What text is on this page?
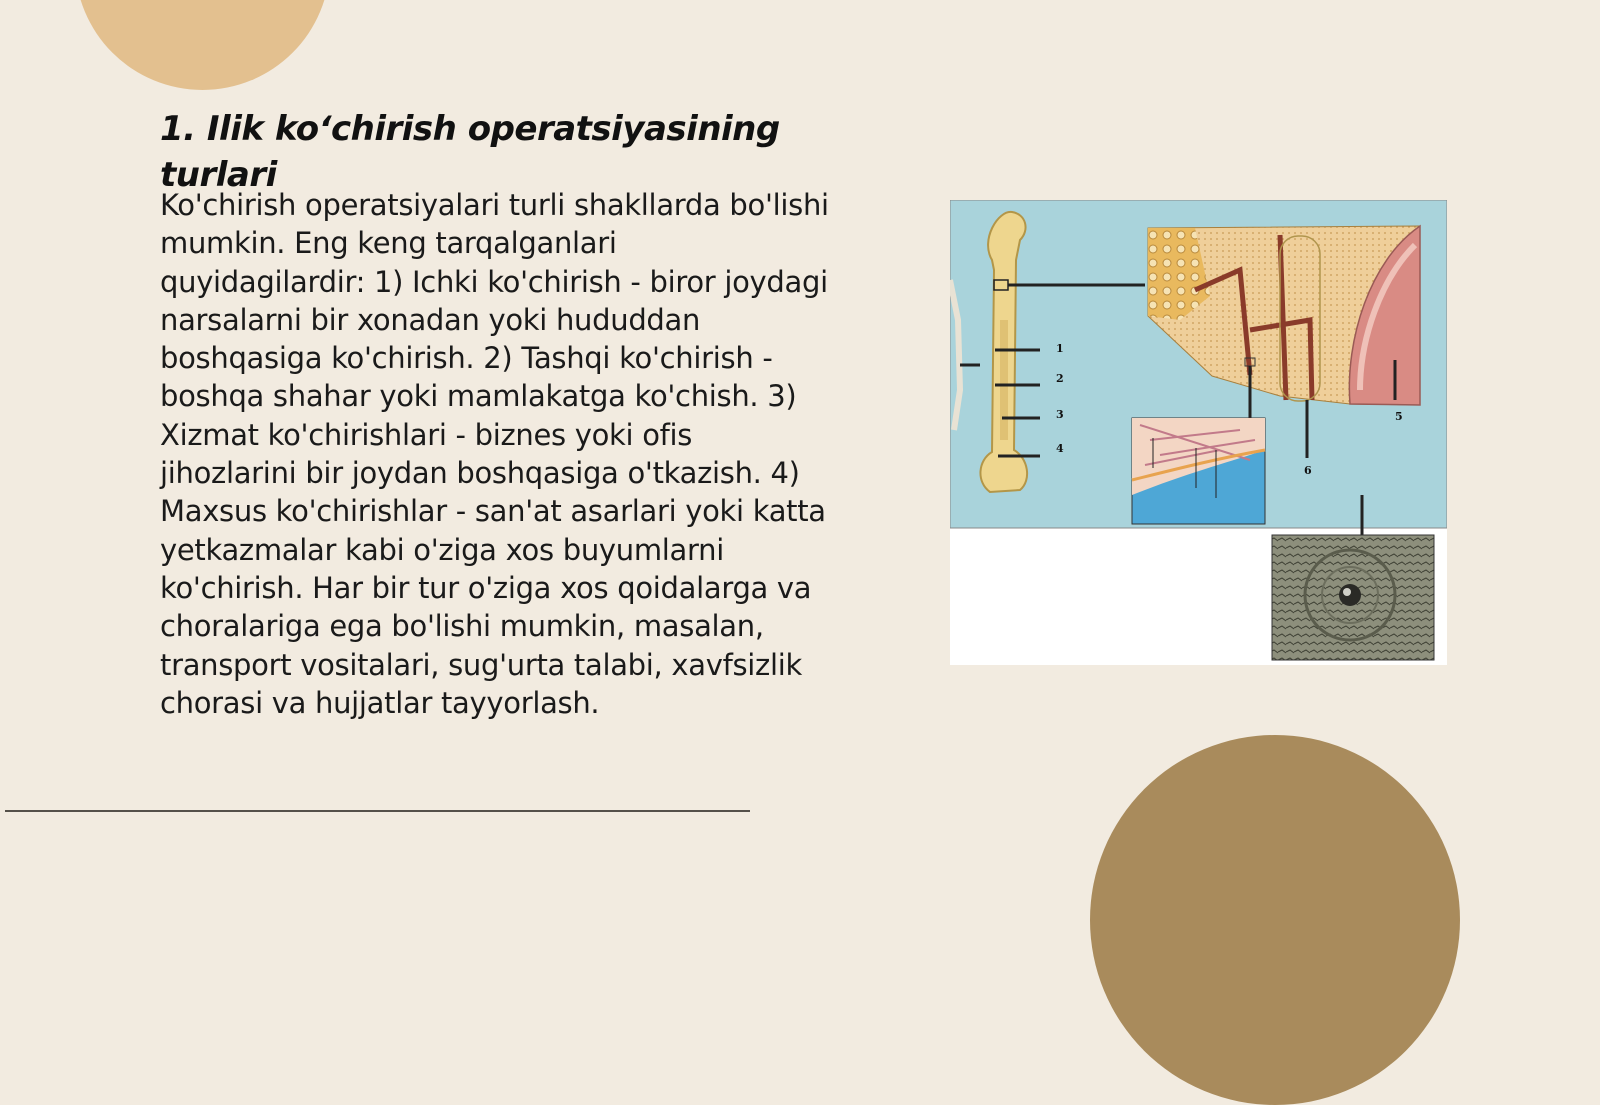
1. Ilik ko‘chirish operatsiyasining turlari

Ko'chirish operatsiyalari turli shakllarda bo'lishi mumkin. Eng keng tarqalganlari quyidagilardir: 1) Ichki ko'chirish - biror joydagi narsalarni bir xonadan yoki hududdan boshqasiga ko'chirish. 2) Tashqi ko'chirish - boshqa shahar yoki mamlakatga ko'chish. 3) Xizmat ko'chirishlari - biznes yoki ofis jihozlarini bir joydan boshqasiga o'tkazish. 4) Maxsus ko'chirishlar - san'at asarlari yoki katta yetkazmalar kabi o'ziga xos buyumlarni ko'chirish. Har bir tur o'ziga xos qoidalarga va choralariga ega bo'lishi mumkin, masalan, transport vositalari, sug'urta talabi, xavfsizlik chorasi va hujjatlar tayyorlash.

1
2
3
4
5
6
